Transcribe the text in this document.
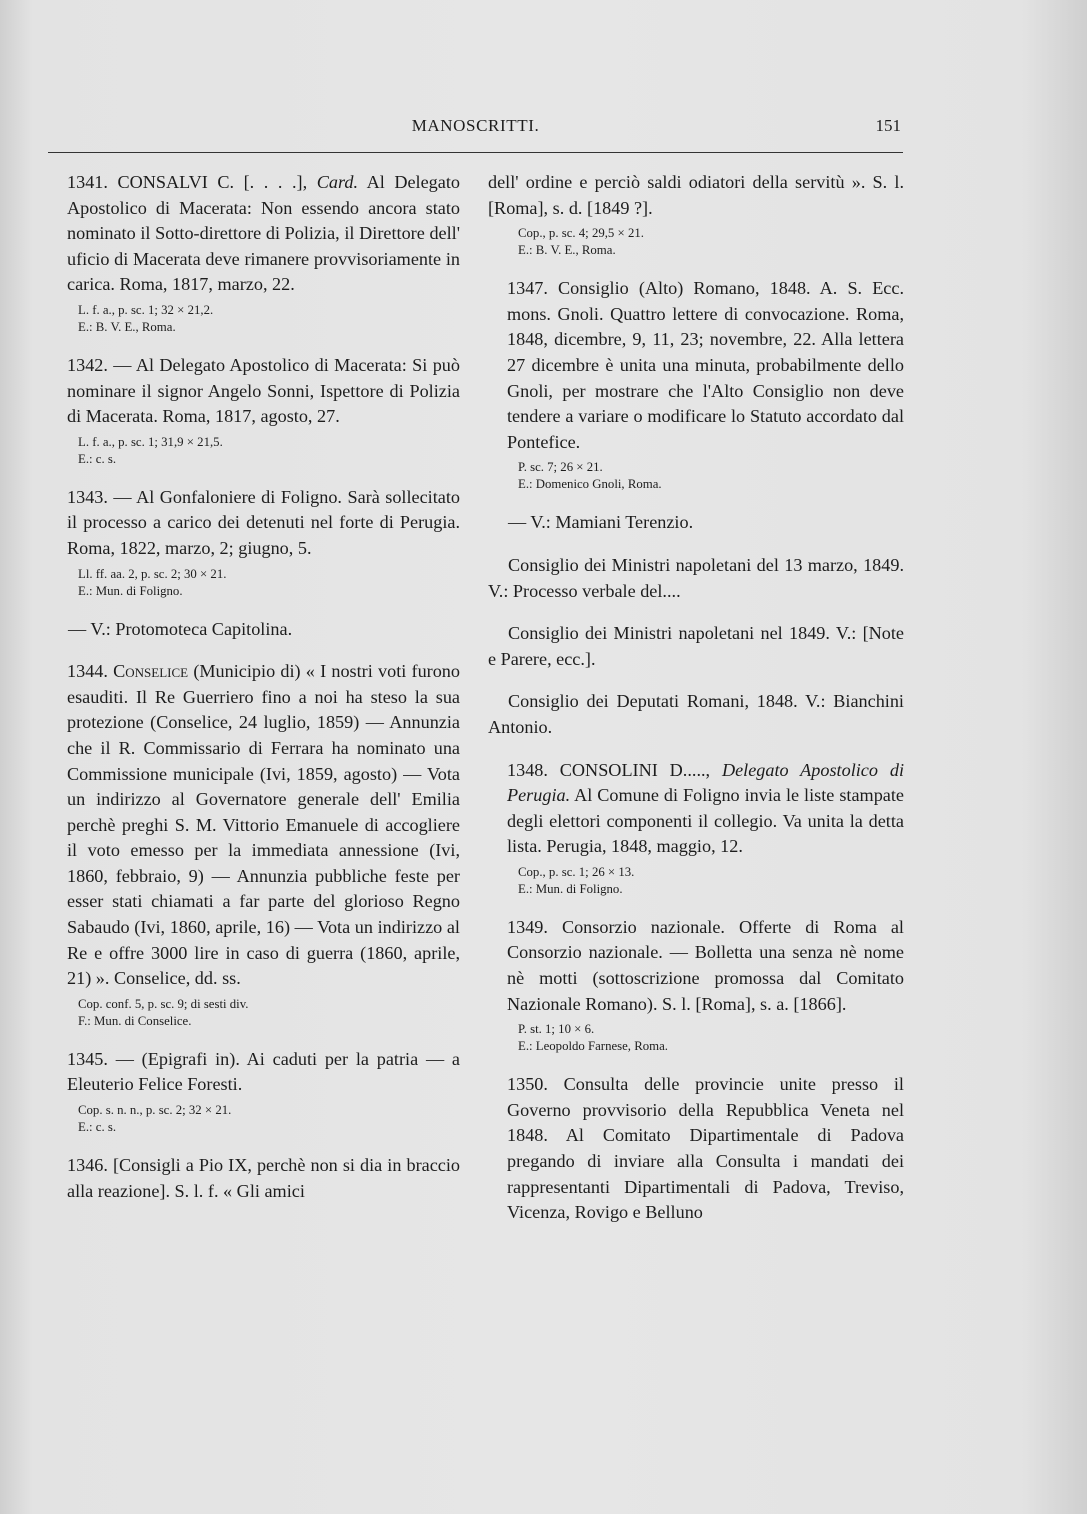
MANOSCRITTI.	151

1341. CONSALVI C. [. . . .], Card. Al Delegato Apostolico di Macerata: Non essendo ancora stato nominato il Sotto-direttore di Polizia, il Direttore dell' uficio di Macerata deve rimanere provvisoriamente in carica. Roma, 1817, marzo, 22.

L. f. a., p. sc. 1; 32 × 21,2.
E.: B. V. E., Roma.

1342. — Al Delegato Apostolico di Macerata: Si può nominare il signor Angelo Sonni, Ispettore di Polizia di Macerata. Roma, 1817, agosto, 27.

L. f. a., p. sc. 1; 31,9 × 21,5.
E.: c. s.

1343. — Al Gonfaloniere di Foligno. Sarà sollecitato il processo a carico dei detenuti nel forte di Perugia. Roma, 1822, marzo, 2; giugno, 5.

Ll. ff. aa. 2, p. sc. 2; 30 × 21.
E.: Mun. di Foligno.

— V.: Protomoteca Capitolina.

1344. Conselice (Municipio di) « I nostri voti furono esauditi. Il Re Guerriero fino a noi ha steso la sua protezione (Conselice, 24 luglio, 1859) — Annunzia che il R. Commissario di Ferrara ha nominato una Commissione municipale (Ivi, 1859, agosto) — Vota un indirizzo al Governatore generale dell' Emilia perchè preghi S. M. Vittorio Emanuele di accogliere il voto emesso per la immediata annessione (Ivi, 1860, febbraio, 9) — Annunzia pubbliche feste per esser stati chiamati a far parte del glorioso Regno Sabaudo (Ivi, 1860, aprile, 16) — Vota un indirizzo al Re e offre 3000 lire in caso di guerra (1860, aprile, 21) ». Conselice, dd. ss.

Cop. conf. 5, p. sc. 9; di sesti div.
F.: Mun. di Conselice.

1345. — (Epigrafi in). Ai caduti per la patria — a Eleuterio Felice Foresti.

Cop. s. n. n., p. sc. 2; 32 × 21.
E.: c. s.

1346. [Consigli a Pio IX, perchè non si dia in braccio alla reazione]. S. l. f. « Gli amici

dell' ordine e perciò saldi odiatori della servitù ». S. l. [Roma], s. d. [1849 ?].

Cop., p. sc. 4; 29,5 × 21.
E.: B. V. E., Roma.

1347. Consiglio (Alto) Romano, 1848. A. S. Ecc. mons. Gnoli. Quattro lettere di convocazione. Roma, 1848, dicembre, 9, 11, 23; novembre, 22. Alla lettera 27 dicembre è unita una minuta, probabilmente dello Gnoli, per mostrare che l'Alto Consiglio non deve tendere a variare o modificare lo Statuto accordato dal Pontefice.

P. sc. 7; 26 × 21.
E.: Domenico Gnoli, Roma.

— V.: Mamiani Terenzio.

Consiglio dei Ministri napoletani del 13 marzo, 1849. V.: Processo verbale del....

Consiglio dei Ministri napoletani nel 1849. V.: [Note e Parere, ecc.].

Consiglio dei Deputati Romani, 1848. V.: Bianchini Antonio.

1348. CONSOLINI D....., Delegato Apostolico di Perugia. Al Comune di Foligno invia le liste stampate degli elettori componenti il collegio. Va unita la detta lista. Perugia, 1848, maggio, 12.

Cop., p. sc. 1; 26 × 13.
E.: Mun. di Foligno.

1349. Consorzio nazionale. Offerte di Roma al Consorzio nazionale. — Bolletta una senza nè nome nè motti (sottoscrizione promossa dal Comitato Nazionale Romano). S. l. [Roma], s. a. [1866].

P. st. 1; 10 × 6.
E.: Leopoldo Farnese, Roma.

1350. Consulta delle provincie unite presso il Governo provvisorio della Repubblica Veneta nel 1848. Al Comitato Dipartimentale di Padova pregando di inviare alla Consulta i mandati dei rappresentanti Dipartimentali di Padova, Treviso, Vicenza, Rovigo e Belluno
